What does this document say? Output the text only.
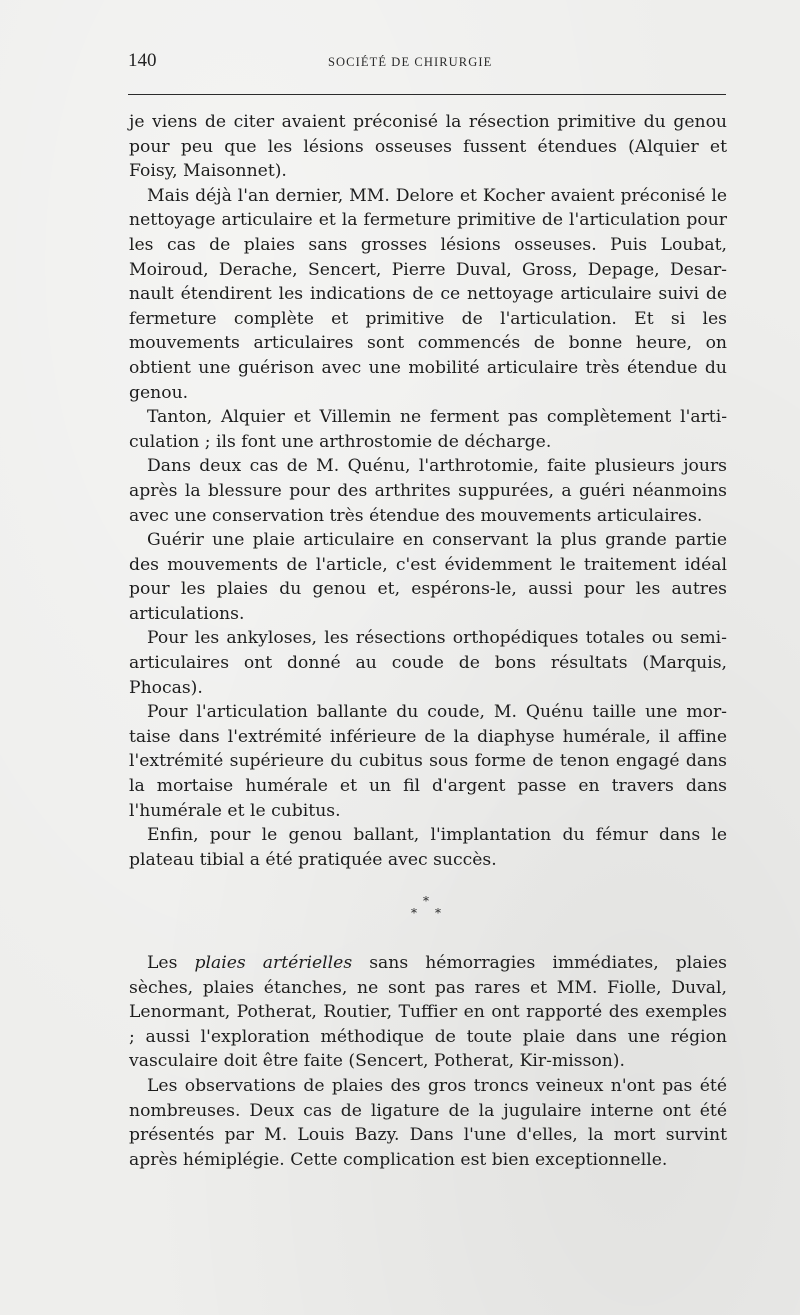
140	SOCIÉTÉ DE CHIRURGIE

je viens de citer avaient préconisé la résection primitive du genou pour peu que les lésions osseuses fussent étendues (Alquier et Foisy, Maisonnet).

Mais déjà l'an dernier, MM. Delore et Kocher avaient préconisé le nettoyage articulaire et la fermeture primitive de l'articulation pour les cas de plaies sans grosses lésions osseuses. Puis Loubat, Moiroud, Derache, Sencert, Pierre Duval, Gross, Depage, Desar-nault étendirent les indications de ce nettoyage articulaire suivi de fermeture complète et primitive de l'articulation. Et si les mouvements articulaires sont commencés de bonne heure, on obtient une guérison avec une mobilité articulaire très étendue du genou.

Tanton, Alquier et Villemin ne ferment pas complètement l'arti-culation ; ils font une arthrostomie de décharge.

Dans deux cas de M. Quénu, l'arthrotomie, faite plusieurs jours après la blessure pour des arthrites suppurées, a guéri néanmoins avec une conservation très étendue des mouvements articulaires.

Guérir une plaie articulaire en conservant la plus grande partie des mouvements de l'article, c'est évidemment le traitement idéal pour les plaies du genou et, espérons-le, aussi pour les autres articulations.

Pour les ankyloses, les résections orthopédiques totales ou semi-articulaires ont donné au coude de bons résultats (Marquis, Phocas).

Pour l'articulation ballante du coude, M. Quénu taille une mor-taise dans l'extrémité inférieure de la diaphyse humérale, il affine l'extrémité supérieure du cubitus sous forme de tenon engagé dans la mortaise humérale et un fil d'argent passe en travers dans l'humérale et le cubitus.

Enfin, pour le genou ballant, l'implantation du fémur dans le plateau tibial a été pratiquée avec succès.

*
* *

Les plaies artérielles sans hémorragies immédiates, plaies sèches, plaies étanches, ne sont pas rares et MM. Fiolle, Duval, Lenormant, Potherat, Routier, Tuffier en ont rapporté des exemples ; aussi l'exploration méthodique de toute plaie dans une région vasculaire doit être faite (Sencert, Potherat, Kir-misson).

Les observations de plaies des gros troncs veineux n'ont pas été nombreuses. Deux cas de ligature de la jugulaire interne ont été présentés par M. Louis Bazy. Dans l'une d'elles, la mort survint après hémiplégie. Cette complication est bien exceptionnelle.
